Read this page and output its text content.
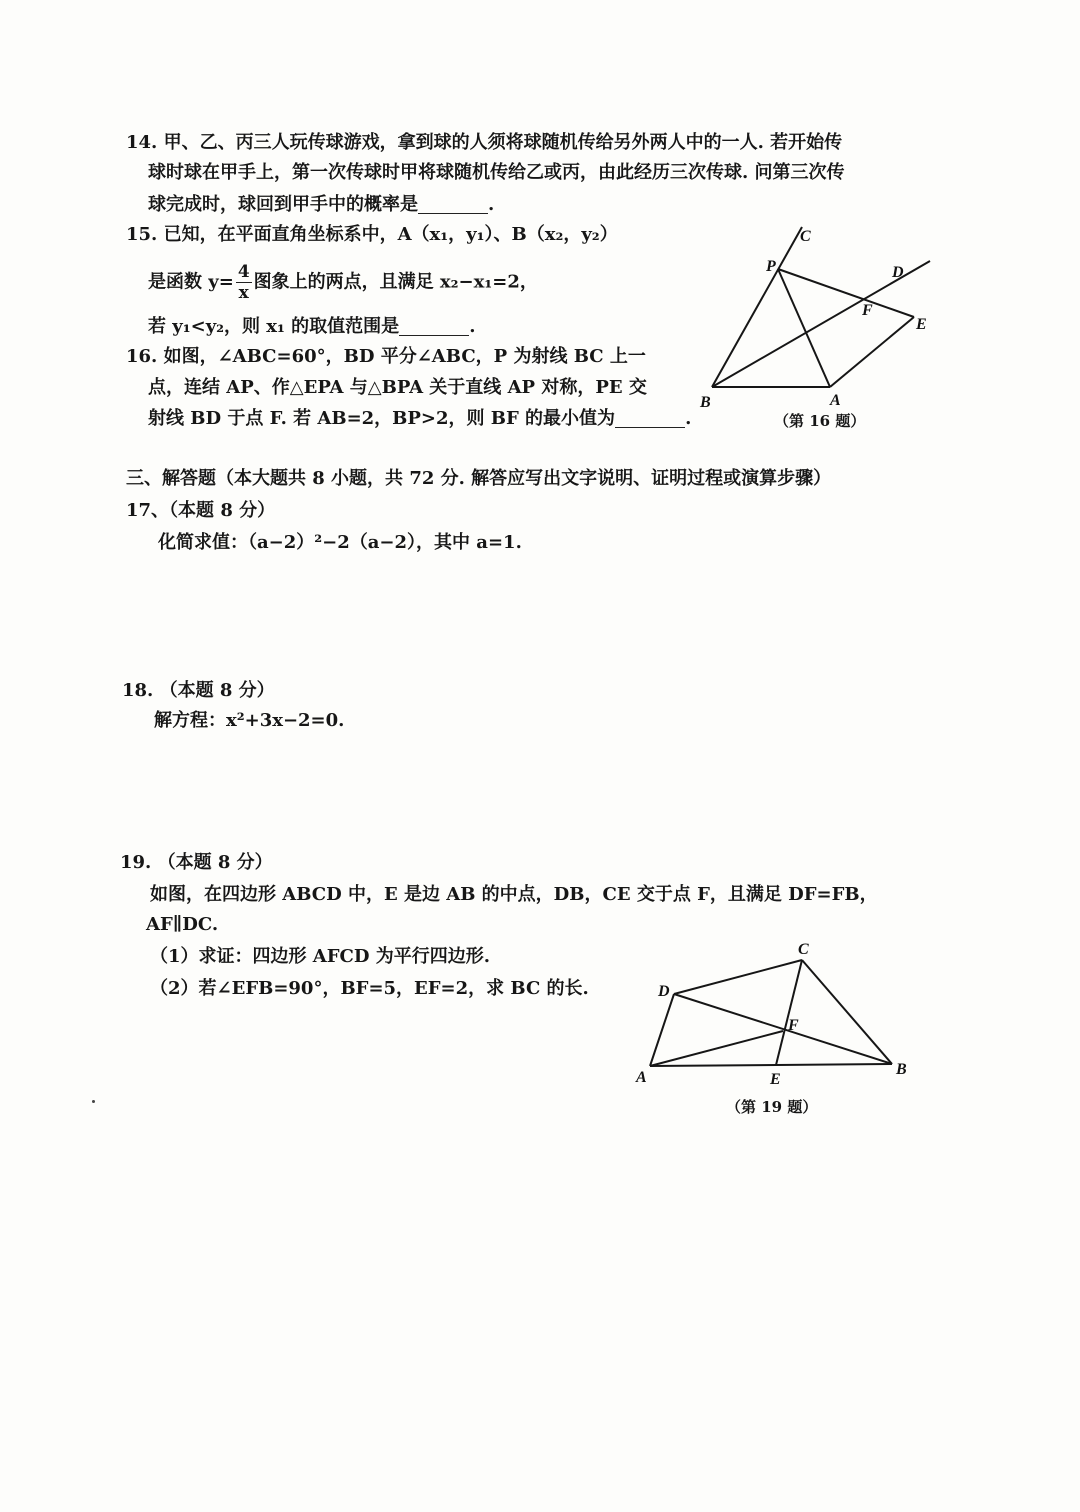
14. 甲、乙、丙三人玩传球游戏，拿到球的人须将球随机传给另外两人中的一人. 若开始传
球时球在甲手上，第一次传球时甲将球随机传给乙或丙，由此经历三次传球. 问第三次传
球完成时，球回到甲手中的概率是	.
15. 已知，在平面直角坐标系中，A（x₁，y₁）、B（x₂，y₂）
是函数 $y= \frac{4}{x}$ 图象上的两点，且满足 x₂−x₁=2，
若 y₁<y₂，则 x₁ 的取值范围是	.
16. 如图，∠ABC=60°，BD 平分∠ABC，P 为射线 BC 上一
点，连结 AP、作△EPA 与△BPA 关于直线 AP 对称，PE 交
射线 BD 于点 F. 若 AB=2，BP>2，则 BF 的最小值为	.
C
P	D
F
E
B	A
（第 16 题）
三、解答题（本大题共 8 小题，共 72 分. 解答应写出文字说明、证明过程或演算步骤）
17、（本题 8 分）
化简求值：（a−2）²−2（a−2），其中 a=1.
18. （本题 8 分）
解方程：x²+3x−2=0.
19. （本题 8 分）
如图，在四边形 ABCD 中，E 是边 AB 的中点，DB，CE 交于点 F，且满足 DF=FB，
AF∥DC.
（1）求证：四边形 AFCD 为平行四边形.
（2）若∠EFB=90°，BF=5，EF=2，求 BC 的长.
C
D
F
A	E
B
（第 19 题）
